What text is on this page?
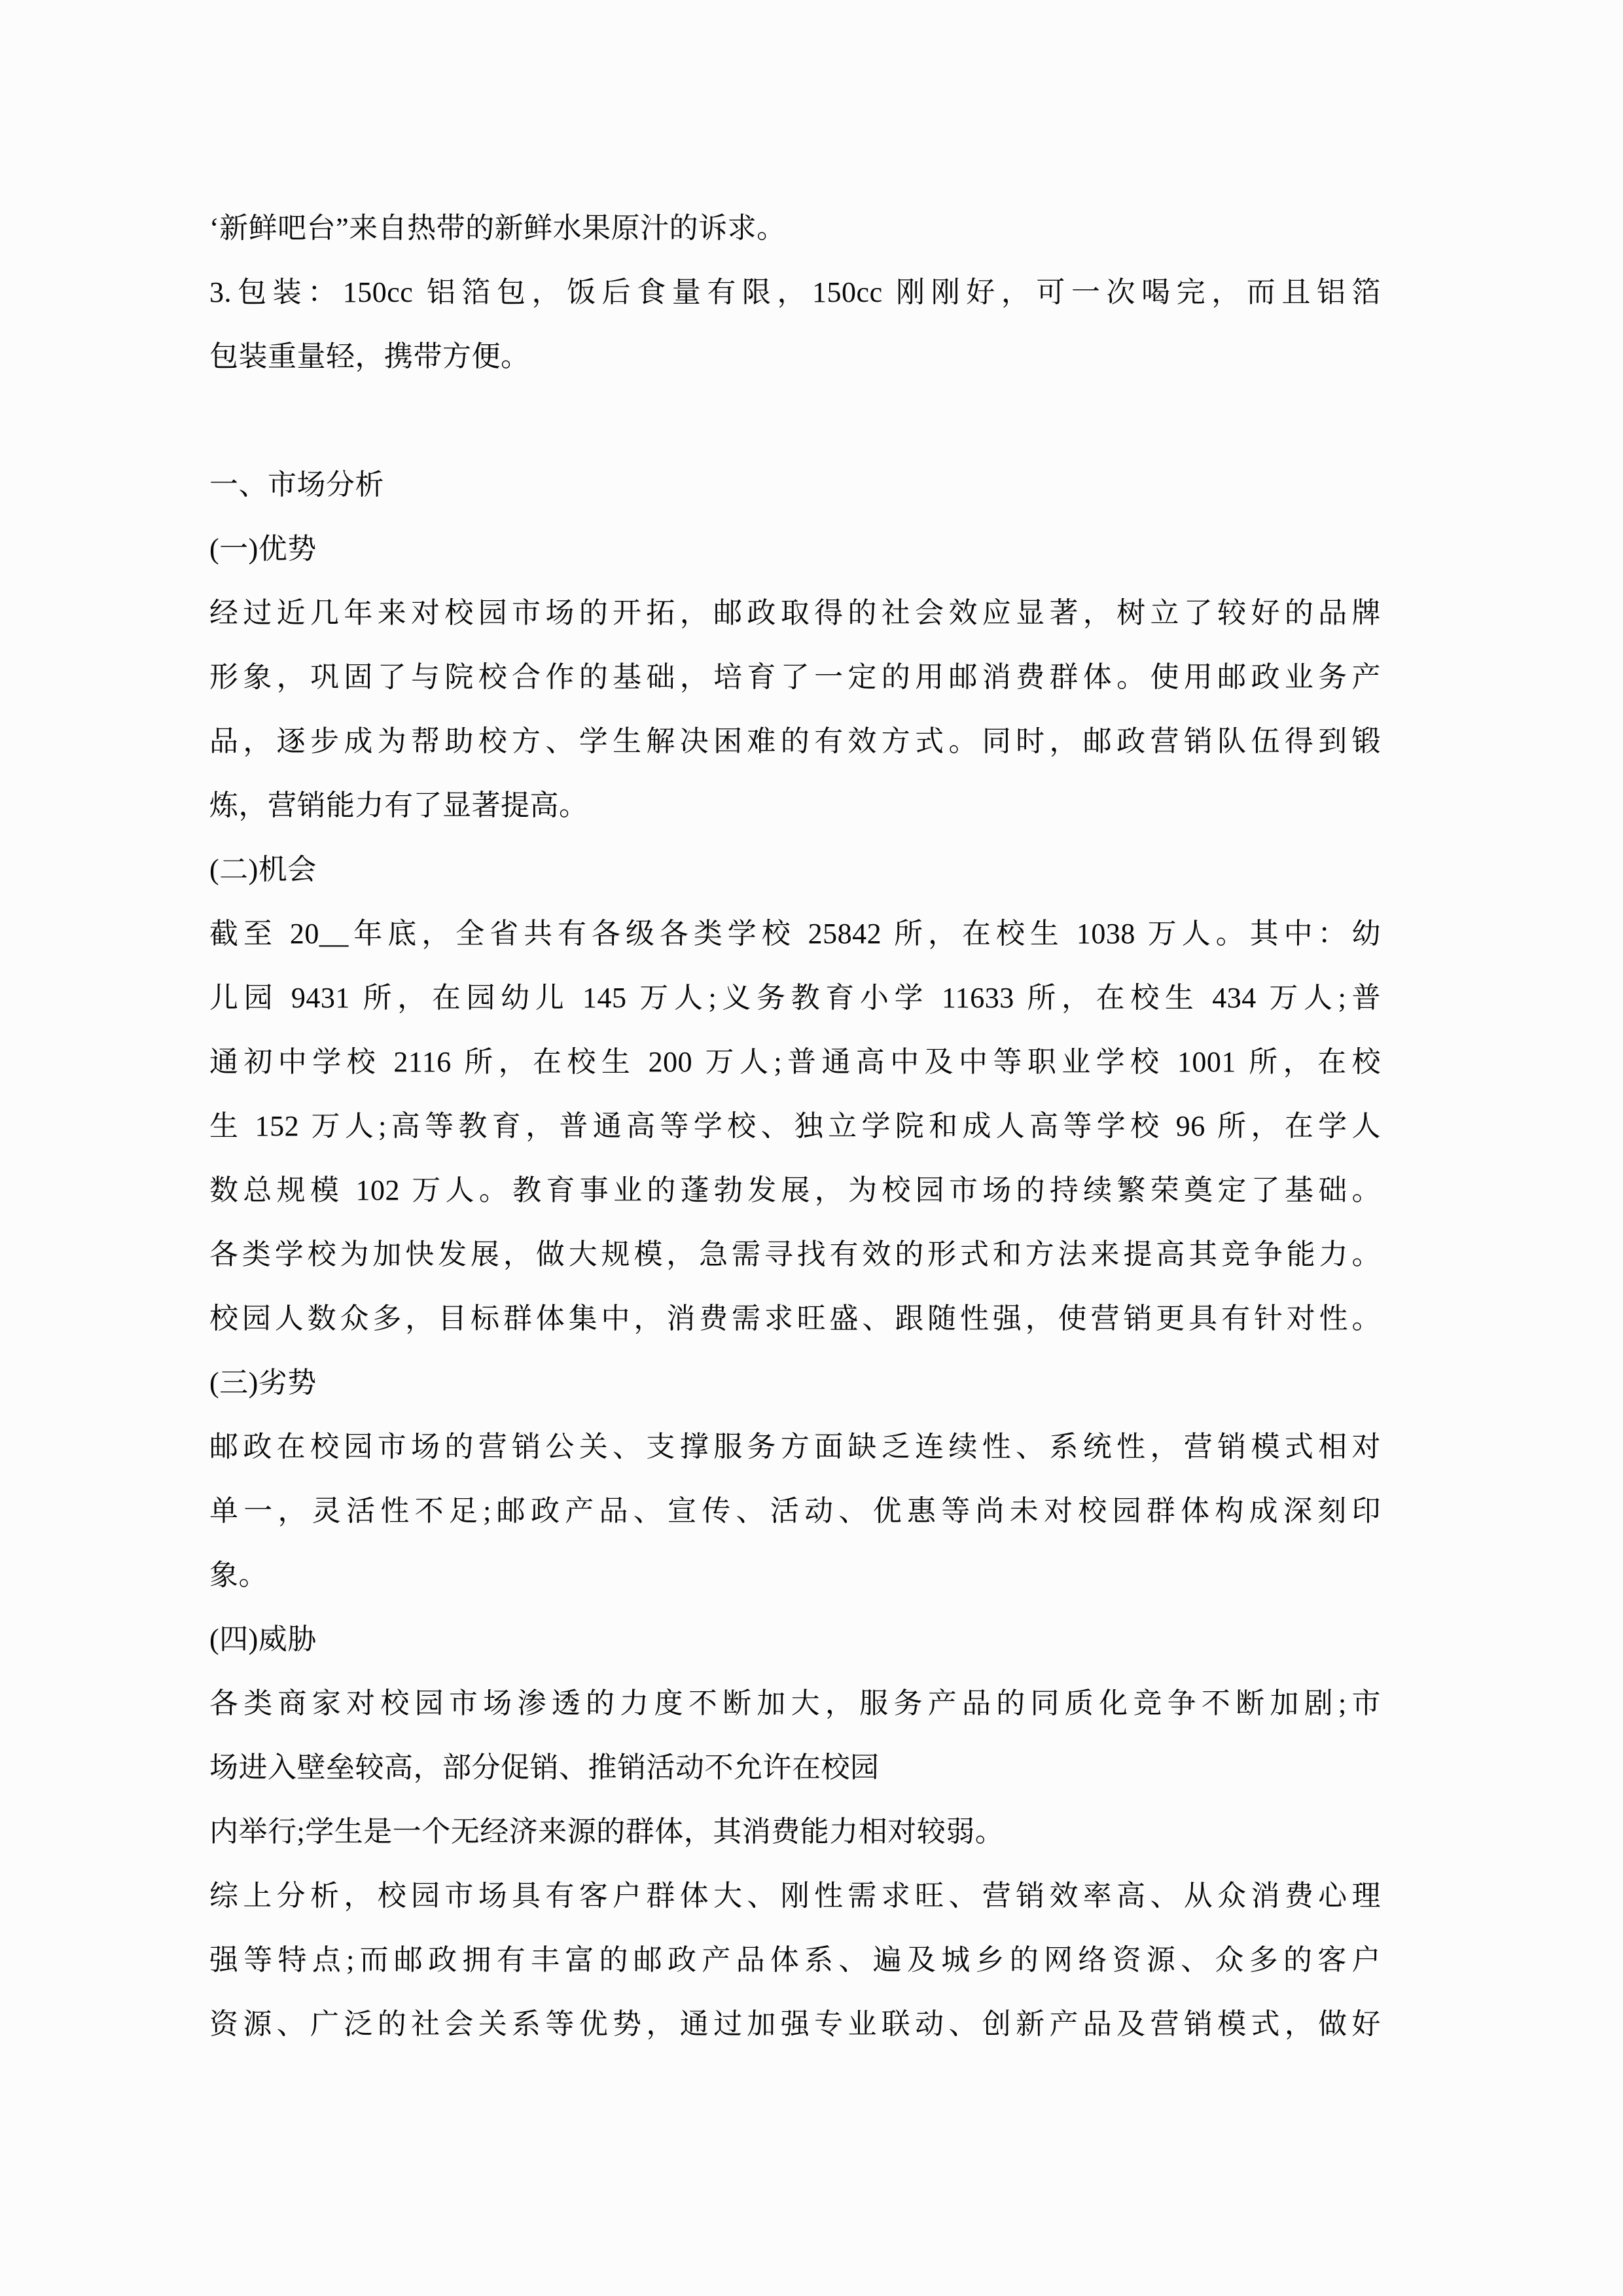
‘新鲜吧台”来自热带的新鲜水果原汁的诉求。
3.包装：150cc 铝箔包，饭后食量有限，150cc 刚刚好，可一次喝完，而且铝箔
包装重量轻，携带方便。
一、市场分析
(一)优势
经过近几年来对校园市场的开拓，邮政取得的社会效应显著，树立了较好的品牌
形象，巩固了与院校合作的基础，培育了一定的用邮消费群体。使用邮政业务产
品，逐步成为帮助校方、学生解决困难的有效方式。同时，邮政营销队伍得到锻
炼，营销能力有了显著提高。
(二)机会
截至 20__年底，全省共有各级各类学校 25842 所，在校生 1038 万人。其中：幼
儿园 9431 所，在园幼儿 145 万人;义务教育小学 11633 所，在校生 434 万人;普
通初中学校 2116 所，在校生 200 万人;普通高中及中等职业学校 1001 所，在校
生 152 万人;高等教育，普通高等学校、独立学院和成人高等学校 96 所，在学人
数总规模 102 万人。教育事业的蓬勃发展，为校园市场的持续繁荣奠定了基础。
各类学校为加快发展，做大规模，急需寻找有效的形式和方法来提高其竞争能力。
校园人数众多，目标群体集中，消费需求旺盛、跟随性强，使营销更具有针对性。
(三)劣势
邮政在校园市场的营销公关、支撑服务方面缺乏连续性、系统性，营销模式相对
单一，灵活性不足;邮政产品、宣传、活动、优惠等尚未对校园群体构成深刻印
象。
(四)威胁
各类商家对校园市场渗透的力度不断加大，服务产品的同质化竞争不断加剧;市
场进入壁垒较高，部分促销、推销活动不允许在校园
内举行;学生是一个无经济来源的群体，其消费能力相对较弱。
综上分析，校园市场具有客户群体大、刚性需求旺、营销效率高、从众消费心理
强等特点;而邮政拥有丰富的邮政产品体系、遍及城乡的网络资源、众多的客户
资源、广泛的社会关系等优势，通过加强专业联动、创新产品及营销模式，做好
